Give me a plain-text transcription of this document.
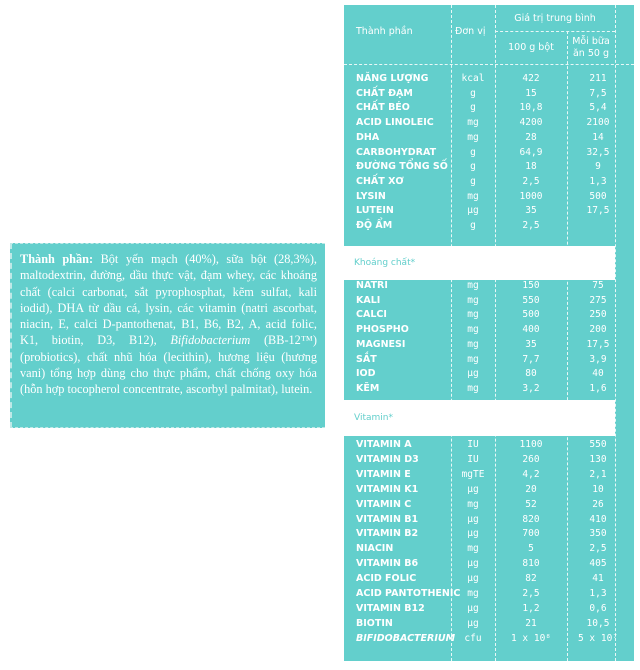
Thành phần: Bột yến mạch (40%), sữa bột (28,3%), maltodextrin, đường, dầu thực vật, đạm whey, các khoáng chất (calci carbonat, sắt pyrophosphat, kẽm sulfat, kali iodid), DHA từ dầu cá, lysin, các vitamin (natri ascorbat, niacin, E, calci D-pantothenat, B1, B6, B2, A, acid folic, K1, biotin, D3, B12), Bifidobacterium (BB-12™) (probiotics), chất nhũ hóa (lecithin), hương liệu (hương vani) tổng hợp dùng cho thực phẩm, chất chống oxy hóa (hỗn hợp tocopherol concentrate, ascorbyl palmitat), lutein.
Thành phần	Đơn vị
Giá trị trung bình
100 g bột
Mỗi bữa
ăn 50 g
NĂNG LƯỢNG	kcal	422	211
CHẤT ĐẠM	g	15	7,5
CHẤT BÉO	g	10,8	5,4
ACID LINOLEIC	mg	4200	2100
DHA	mg	28	14
CARBOHYDRAT	g	64,9	32,5
ĐƯỜNG TỔNG SỐ	g	18	9
CHẤT XƠ	g	2,5	1,3
LYSIN	mg	1000	500
LUTEIN	µg	35	17,5
ĐỘ ẨM	g	2,5
Khoáng chất*
NATRI	mg	150	75
KALI	mg	550	275
CALCI	mg	500	250
PHOSPHO	mg	400	200
MAGNESI	mg	35	17,5
SẮT	mg	7,7	3,9
IOD	µg	80	40
KẼM	mg	3,2	1,6
Vitamin*
VITAMIN A	IU	1100	550
VITAMIN D3	IU	260	130
VITAMIN E	mgTE	4,2	2,1
VITAMIN K1	µg	20	10
VITAMIN C	mg	52	26
VITAMIN B1	µg	820	410
VITAMIN B2	µg	700	350
NIACIN	mg	5	2,5
VITAMIN B6	µg	810	405
ACID FOLIC	µg	82	41
ACID PANTOTHENIC mg	2,5	1,3
VITAMIN B12	µg	1,2	0,6
BIOTIN	µg	21	10,5
BIFIDOBACTERIUM cfu	1 x 10⁸	5 x 10⁷
